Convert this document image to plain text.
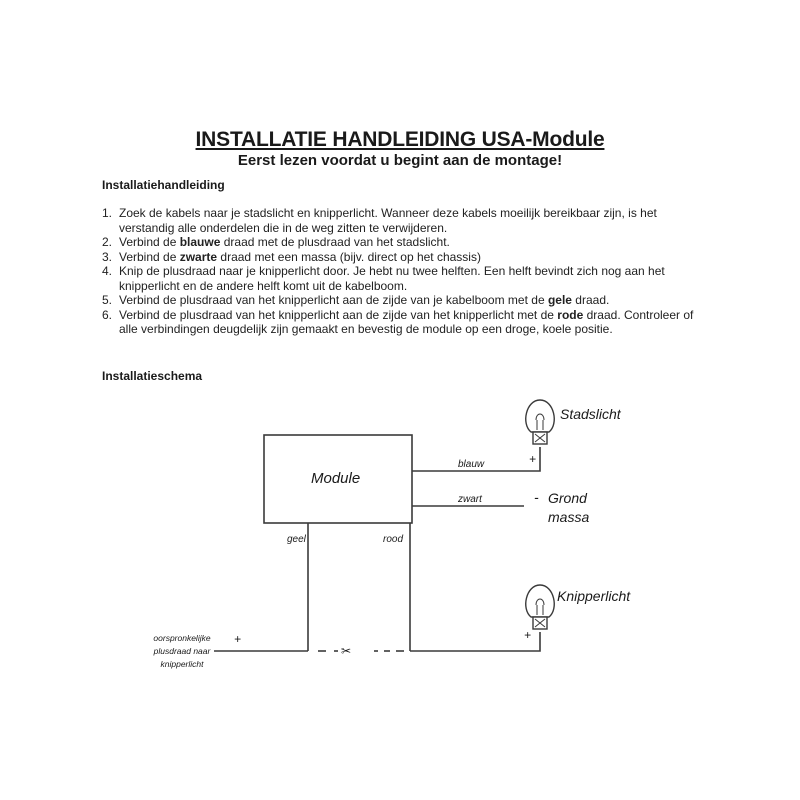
INSTALLATIE HANDLEIDING USA-Module
Eerst lezen voordat u begint aan de montage!
Installatiehandleiding
1. Zoek de kabels naar je stadslicht en knipperlicht. Wanneer deze kabels moeilijk bereikbaar zijn, is het verstandig alle onderdelen die in de weg zitten te verwijderen.
2. Verbind de blauwe draad met de plusdraad van het stadslicht.
3. Verbind de zwarte draad met een massa (bijv. direct op het chassis)
4. Knip de plusdraad naar je knipperlicht door. Je hebt nu twee helften. Een helft bevindt zich nog aan het knipperlicht en de andere helft komt uit de kabelboom.
5. Verbind de plusdraad van het knipperlicht aan de zijde van je kabelboom met de gele draad.
6. Verbind de plusdraad van het knipperlicht aan de zijde van het knipperlicht met de rode draad. Controleer of alle verbindingen deugdelijk zijn gemaakt en bevestig de module op een droge, koele positie.
Installatieschema
Module
blauw
zwart
geel	rood
Stadslicht
+
- Grond
massa
Knipperlicht
+
+
✂
oorspronkelijke
plusdraad naar
knipperlicht
